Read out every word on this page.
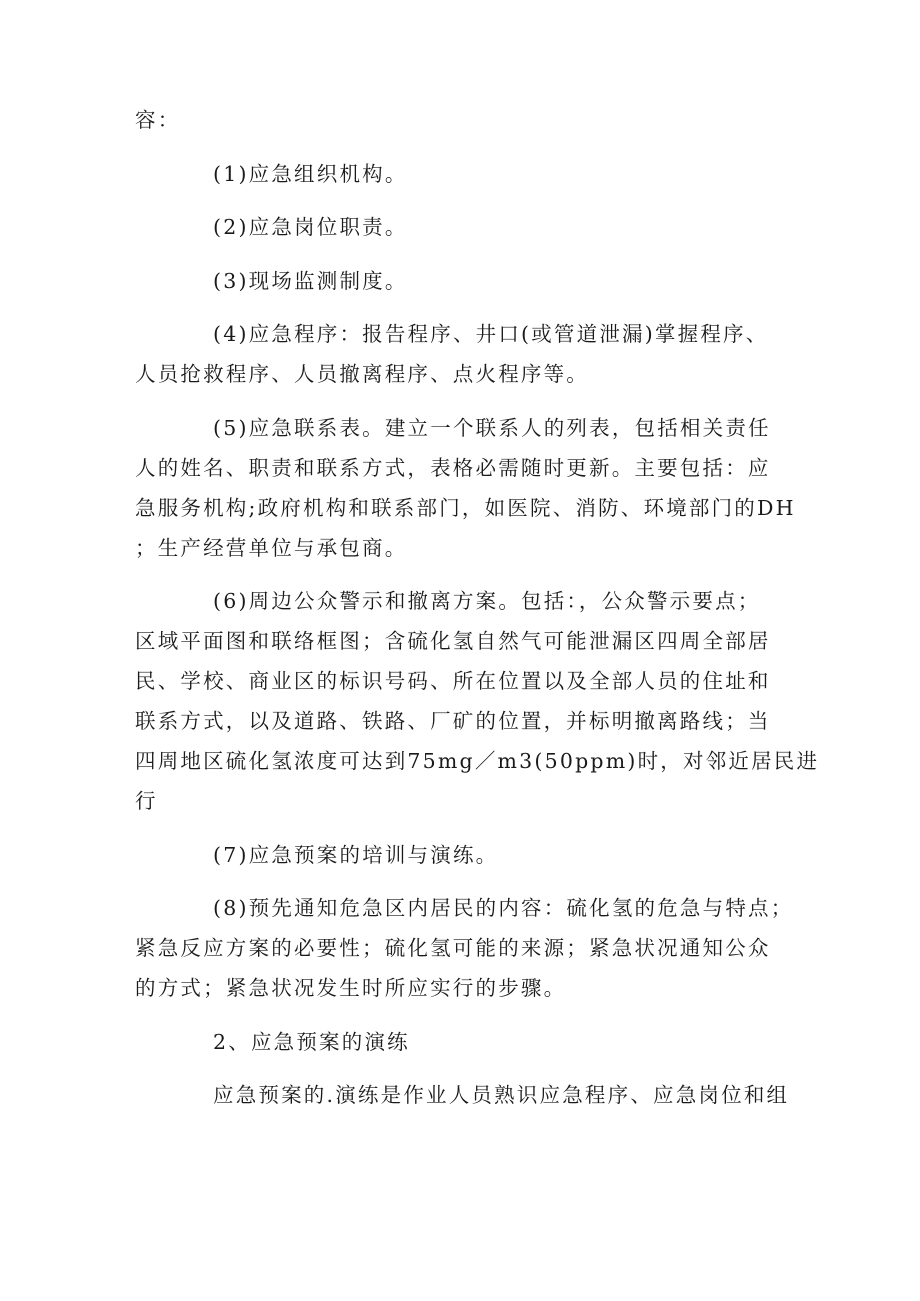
容：
(1)应急组织机构。
(2)应急岗位职责。
(3)现场监测制度。
(4)应急程序：报告程序、井口(或管道泄漏)掌握程序、
人员抢救程序、人员撤离程序、点火程序等。
(5)应急联系表。建立一个联系人的列表，包括相关责任
人的姓名、职责和联系方式，表格必需随时更新。主要包括：应
急服务机构;政府机构和联系部门，如医院、消防、环境部门的DH
；生产经营单位与承包商。
(6)周边公众警示和撤离方案。包括：，公众警示要点；
区域平面图和联络框图；含硫化氢自然气可能泄漏区四周全部居
民、学校、商业区的标识号码、所在位置以及全部人员的住址和
联系方式，以及道路、铁路、厂矿的位置，并标明撤离路线；当
四周地区硫化氢浓度可达到75mg／m3(50ppm)时，对邻近居民进
行
(7)应急预案的培训与演练。
(8)预先通知危急区内居民的内容：硫化氢的危急与特点；
紧急反应方案的必要性；硫化氢可能的来源；紧急状况通知公众
的方式；紧急状况发生时所应实行的步骤。
2、应急预案的演练
应急预案的.演练是作业人员熟识应急程序、应急岗位和组
